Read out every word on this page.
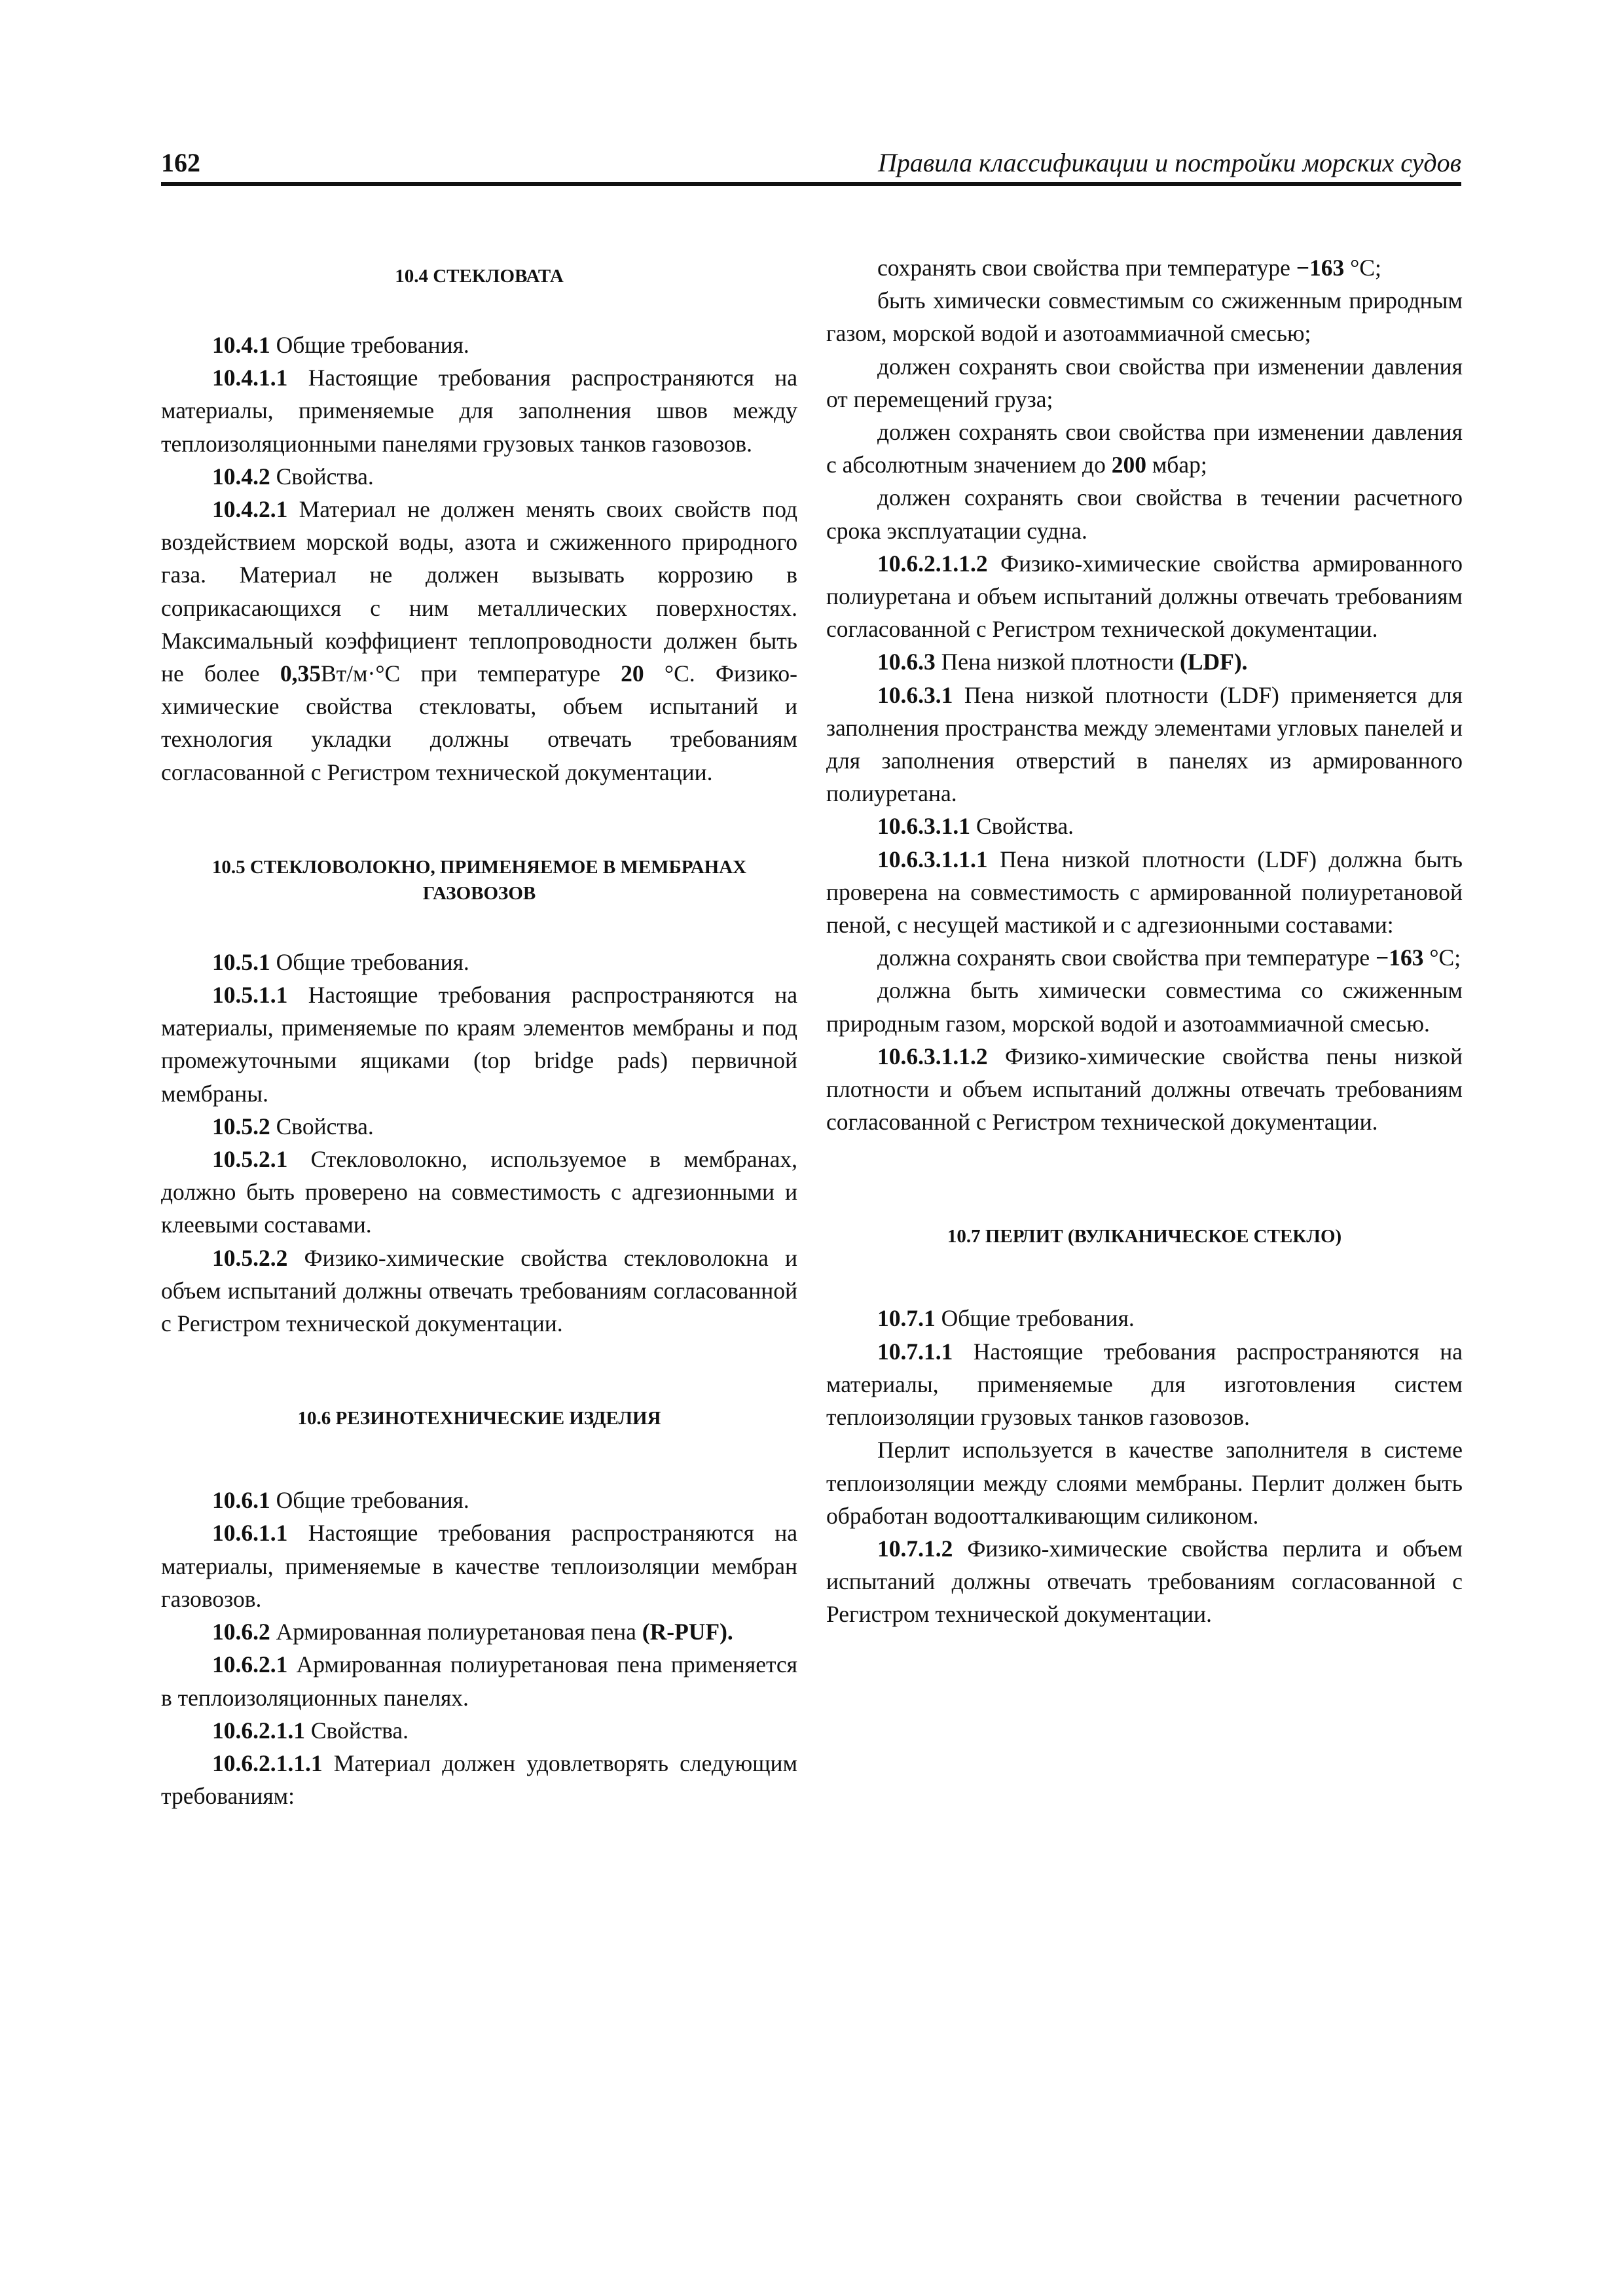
162	Правила классификации и постройки морских судов
10.4 СТЕКЛОВАТА

10.4.1 Общие требования.

10.4.1.1 Настоящие требования распространяются на материалы, применяемые для заполнения швов между теплоизоляционными панелями грузовых танков газовозов.

10.4.2 Свойства.

10.4.2.1 Материал не должен менять своих свойств под воздействием морской воды, азота и сжиженного природного газа. Материал не должен вызывать коррозию в соприкасающихся с ним металлических поверхностях. Максимальный коэффициент теплопроводности должен быть не более 0,35Вт/м·°С при температуре 20 °С. Физико-химические свойства стекловаты, объем испытаний и технология укладки должны отвечать требованиям согласованной с Регистром технической документации.

10.5 СТЕКЛОВОЛОКНО, ПРИМЕНЯЕМОЕ В МЕМБРАНАХ ГАЗОВОЗОВ

10.5.1 Общие требования.

10.5.1.1 Настоящие требования распространяются на материалы, применяемые по краям элементов мембраны и под промежуточными ящиками (top bridge pads) первичной мембраны.

10.5.2 Свойства.

10.5.2.1 Стекловолокно, используемое в мембранах, должно быть проверено на совместимость с адгезионными и клеевыми составами.

10.5.2.2 Физико-химические свойства стекловолокна и объем испытаний должны отвечать требованиям согласованной с Регистром технической документации.

10.6 РЕЗИНОТЕХНИЧЕСКИЕ ИЗДЕЛИЯ

10.6.1 Общие требования.

10.6.1.1 Настоящие требования распространяются на материалы, применяемые в качестве теплоизоляции мембран газовозов.

10.6.2 Армированная полиуретановая пена (R-PUF).

10.6.2.1 Армированная полиуретановая пена применяется в теплоизоляционных панелях.

10.6.2.1.1 Свойства.

10.6.2.1.1.1 Материал должен удовлетворять следующим требованиям:

сохранять свои свойства при температуре −163 °С;

быть химически совместимым со сжиженным природным газом, морской водой и азотоаммиачной смесью;

должен сохранять свои свойства при изменении давления от перемещений груза;

должен сохранять свои свойства при изменении давления с абсолютным значением до 200 мбар;

должен сохранять свои свойства в течении расчетного срока эксплуатации судна.

10.6.2.1.1.2 Физико-химические свойства армированного полиуретана и объем испытаний должны отвечать требованиям согласованной с Регистром технической документации.

10.6.3 Пена низкой плотности (LDF).

10.6.3.1 Пена низкой плотности (LDF) применяется для заполнения пространства между элементами угловых панелей и для заполнения отверстий в панелях из армированного полиуретана.

10.6.3.1.1 Свойства.

10.6.3.1.1.1 Пена низкой плотности (LDF) должна быть проверена на совместимость с армированной полиуретановой пеной, с несущей мастикой и с адгезионными составами:

должна сохранять свои свойства при температуре −163 °С;

должна быть химически совместима со сжиженным природным газом, морской водой и азотоаммиачной смесью.

10.6.3.1.1.2 Физико-химические свойства пены низкой плотности и объем испытаний должны отвечать требованиям согласованной с Регистром технической документации.

10.7 ПЕРЛИТ (ВУЛКАНИЧЕСКОЕ СТЕКЛО)

10.7.1 Общие требования.

10.7.1.1 Настоящие требования распространяются на материалы, применяемые для изготовления систем теплоизоляции грузовых танков газовозов.

Перлит используется в качестве заполнителя в системе теплоизоляции между слоями мембраны. Перлит должен быть обработан водоотталкивающим силиконом.

10.7.1.2 Физико-химические свойства перлита и объем испытаний должны отвечать требованиям согласованной с Регистром технической документации.
